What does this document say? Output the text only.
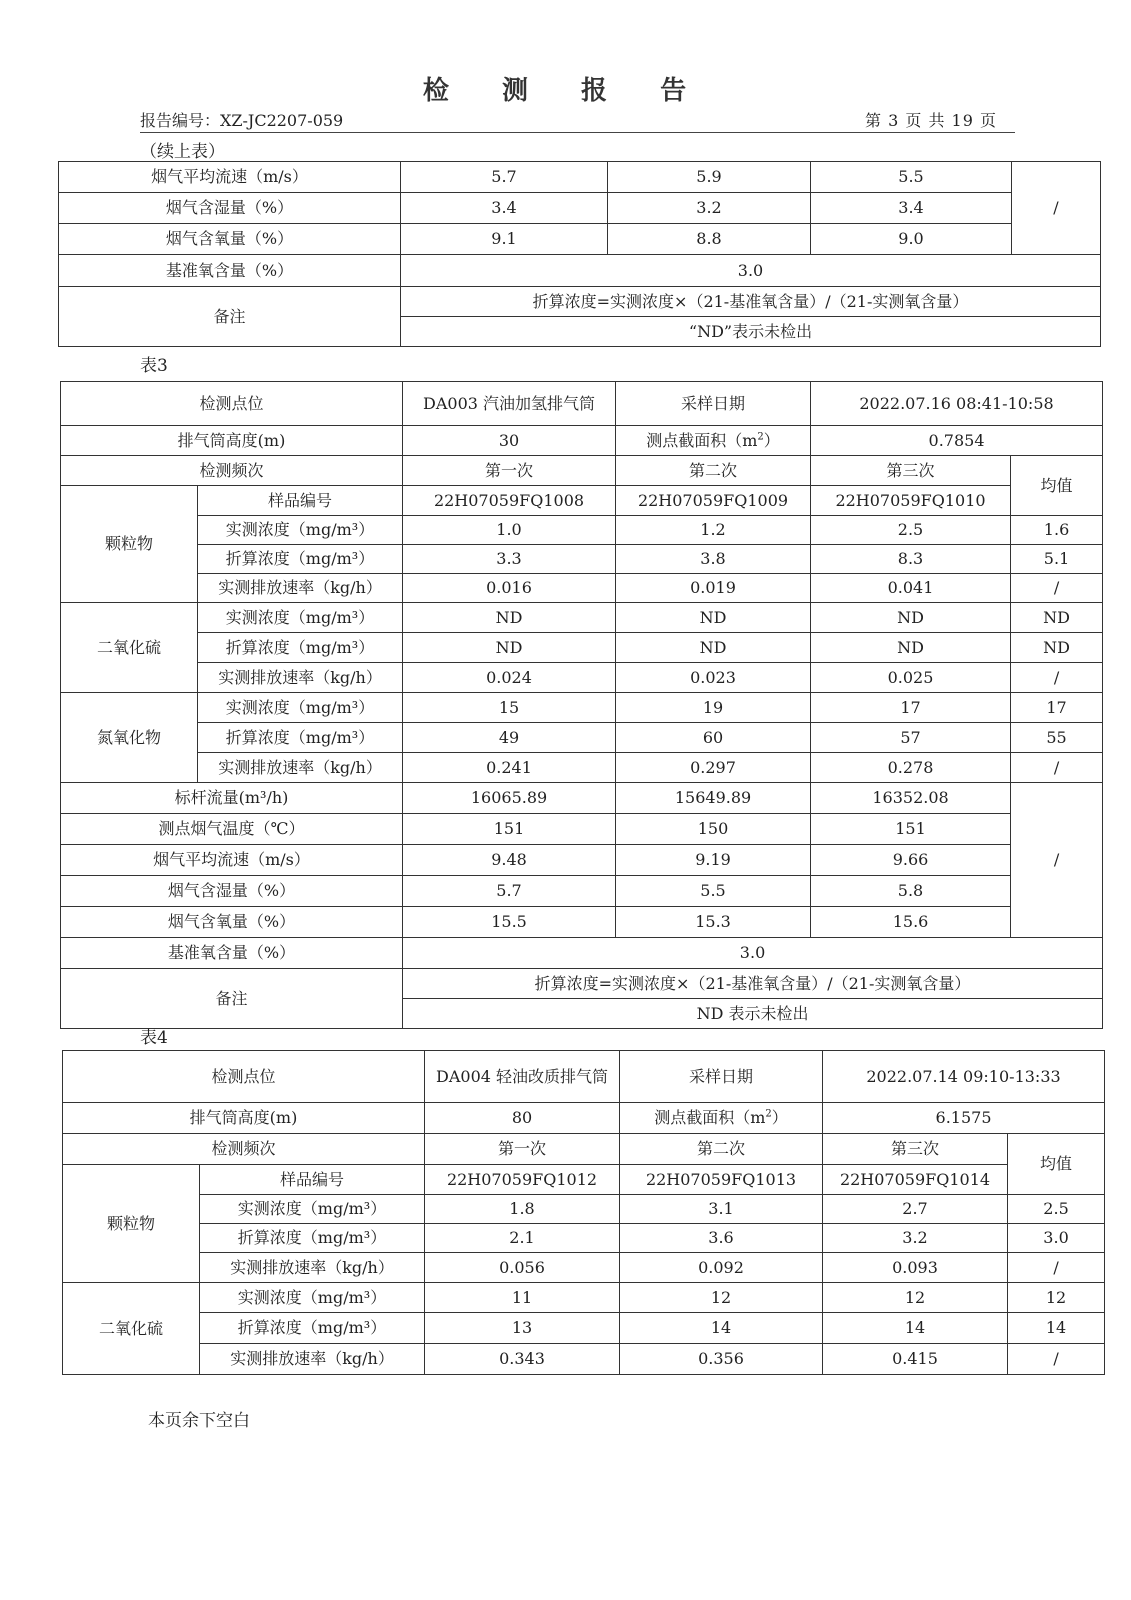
检 测 报 告
报告编号：XZ-JC2207-059	第 3 页 共 19 页
（续上表）
烟气平均流速（m/s）	5.7	5.9	5.5	/
烟气含湿量（%）	3.4	3.2	3.4	
烟气含氧量（%）	9.1	8.8	9.0	
基准氧含量（%）	3.0			
备注	折算浓度=实测浓度×（21-基准氧含量）/（21-实测氧含量）			
	“ND”表示未检出			
表3
检测点位		DA003 汽油加氢排气筒	采样日期	2022.07.16 08:41-10:58	
排气筒高度(m)		30	测点截面积$(m^2)$	0.7854	
检测频次		第一次	第二次	第三次	均值
颗粒物	样品编号	22H07059FQ1008	22H07059FQ1009	22H07059FQ1010	
	实测浓度（mg/m³）	1.0	1.2	2.5	1.6
	折算浓度（mg/m³）	3.3	3.8	8.3	5.1
	实测排放速率（kg/h）	0.016	0.019	0.041	/
二氧化硫	实测浓度（mg/m³）	ND	ND	ND	ND
	折算浓度（mg/m³）	ND	ND	ND	ND
	实测排放速率（kg/h）	0.024	0.023	0.025	/
氮氧化物	实测浓度（mg/m³）	15	19	17	17
	折算浓度（mg/m³）	49	60	57	55
	实测排放速率（kg/h）	0.241	0.297	0.278	/
标杆流量(m³/h)		16065.89	15649.89	16352.08	/
测点烟气温度（℃）		151	150	151	
烟气平均流速（m/s）		9.48	9.19	9.66	
烟气含湿量（%）		5.7	5.5	5.8	
烟气含氧量（%）		15.5	15.3	15.6	
基准氧含量（%）		3.0			
备注		折算浓度=实测浓度×（21-基准氧含量）/（21-实测氧含量）			
		ND 表示未检出			
表4
检测点位		DA004 轻油改质排气筒	采样日期	2022.07.14 09:10-13:33	
排气筒高度(m)		80	测点截面积$(m^2)$	6.1575	
检测频次		第一次	第二次	第三次	均值
颗粒物	样品编号	22H07059FQ1012	22H07059FQ1013	22H07059FQ1014	
	实测浓度（mg/m³）	1.8	3.1	2.7	2.5
	折算浓度（mg/m³）	2.1	3.6	3.2	3.0
	实测排放速率（kg/h）	0.056	0.092	0.093	/
二氧化硫	实测浓度（mg/m³）	11	12	12	12
	折算浓度（mg/m³）	13	14	14	14
	实测排放速率（kg/h）	0.343	0.356	0.415	/
本页余下空白
